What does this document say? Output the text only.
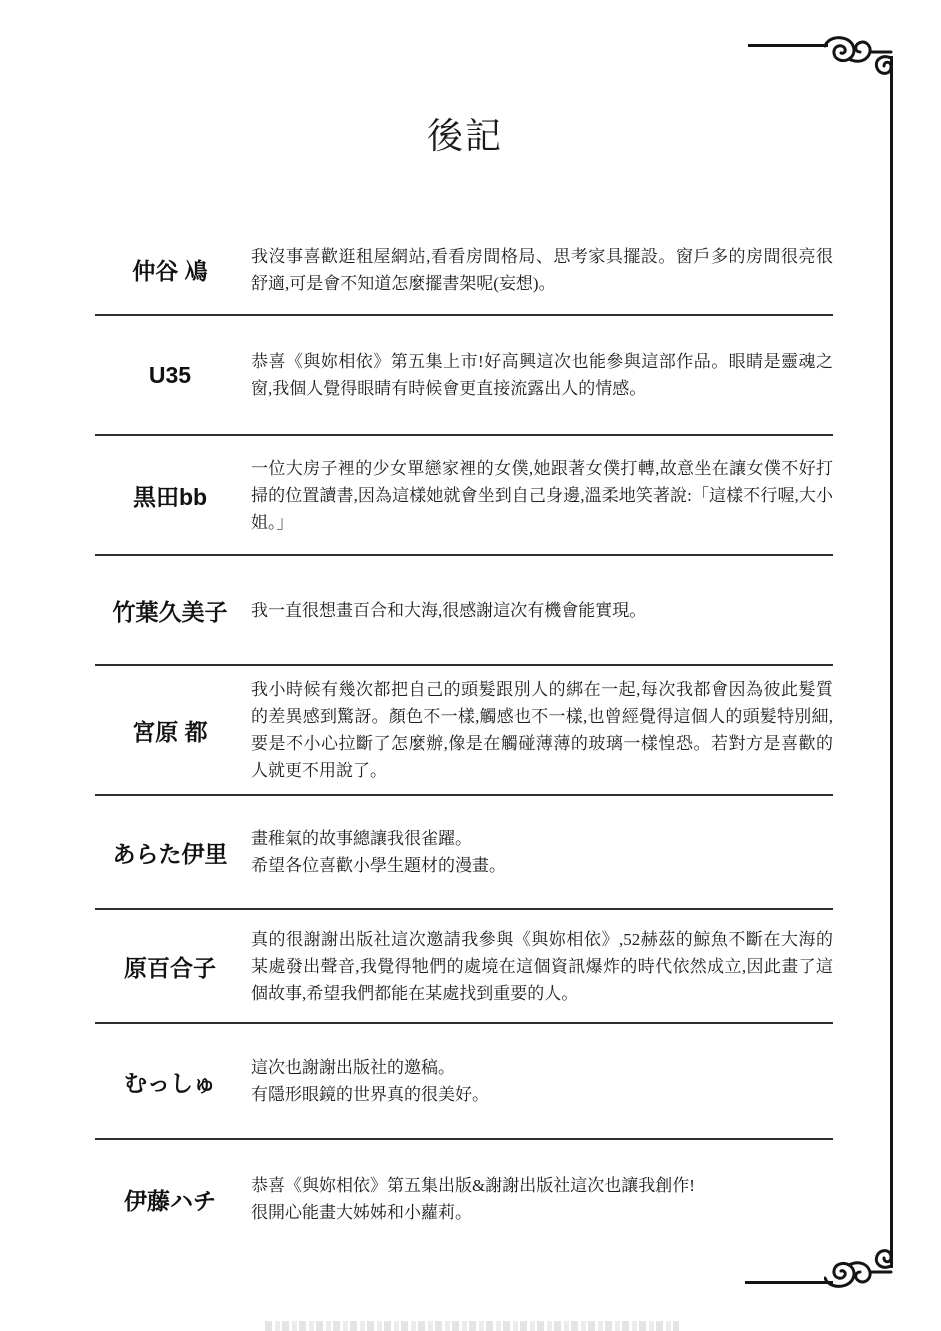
後記
仲谷 鳰
我沒事喜歡逛租屋網站,看看房間格局、思考家具擺設。窗戶多的房間很亮很舒適,可是會不知道怎麼擺書架呢(妄想)。
U35	恭喜《與妳相依》第五集上市!好高興這次也能參與這部作品。眼睛是靈魂之窗,我個人覺得眼睛有時候會更直接流露出人的情感。
黒田bb
一位大房子裡的少女單戀家裡的女僕,她跟著女僕打轉,故意坐在讓女僕不好打掃的位置讀書,因為這樣她就會坐到自己身邊,溫柔地笑著說:「這樣不行喔,大小姐。」
竹葉久美子	我一直很想畫百合和大海,很感謝這次有機會能實現。
宮原 都
我小時候有幾次都把自己的頭髮跟別人的綁在一起,每次我都會因為彼此髮質的差異感到驚訝。顏色不一樣,觸感也不一樣,也曾經覺得這個人的頭髮特別細,要是不小心拉斷了怎麼辦,像是在觸碰薄薄的玻璃一樣惶恐。若對方是喜歡的人就更不用說了。
あらた伊里
畫稚氣的故事總讓我很雀躍。
希望各位喜歡小學生題材的漫畫。
原百合子
真的很謝謝出版社這次邀請我參與《與妳相依》,52赫茲的鯨魚不斷在大海的某處發出聲音,我覺得牠們的處境在這個資訊爆炸的時代依然成立,因此畫了這個故事,希望我們都能在某處找到重要的人。
むっしゅ
這次也謝謝出版社的邀稿。
有隱形眼鏡的世界真的很美好。
伊藤ハチ
恭喜《與妳相依》第五集出版&謝謝出版社這次也讓我創作!
很開心能畫大姊姊和小蘿莉。
